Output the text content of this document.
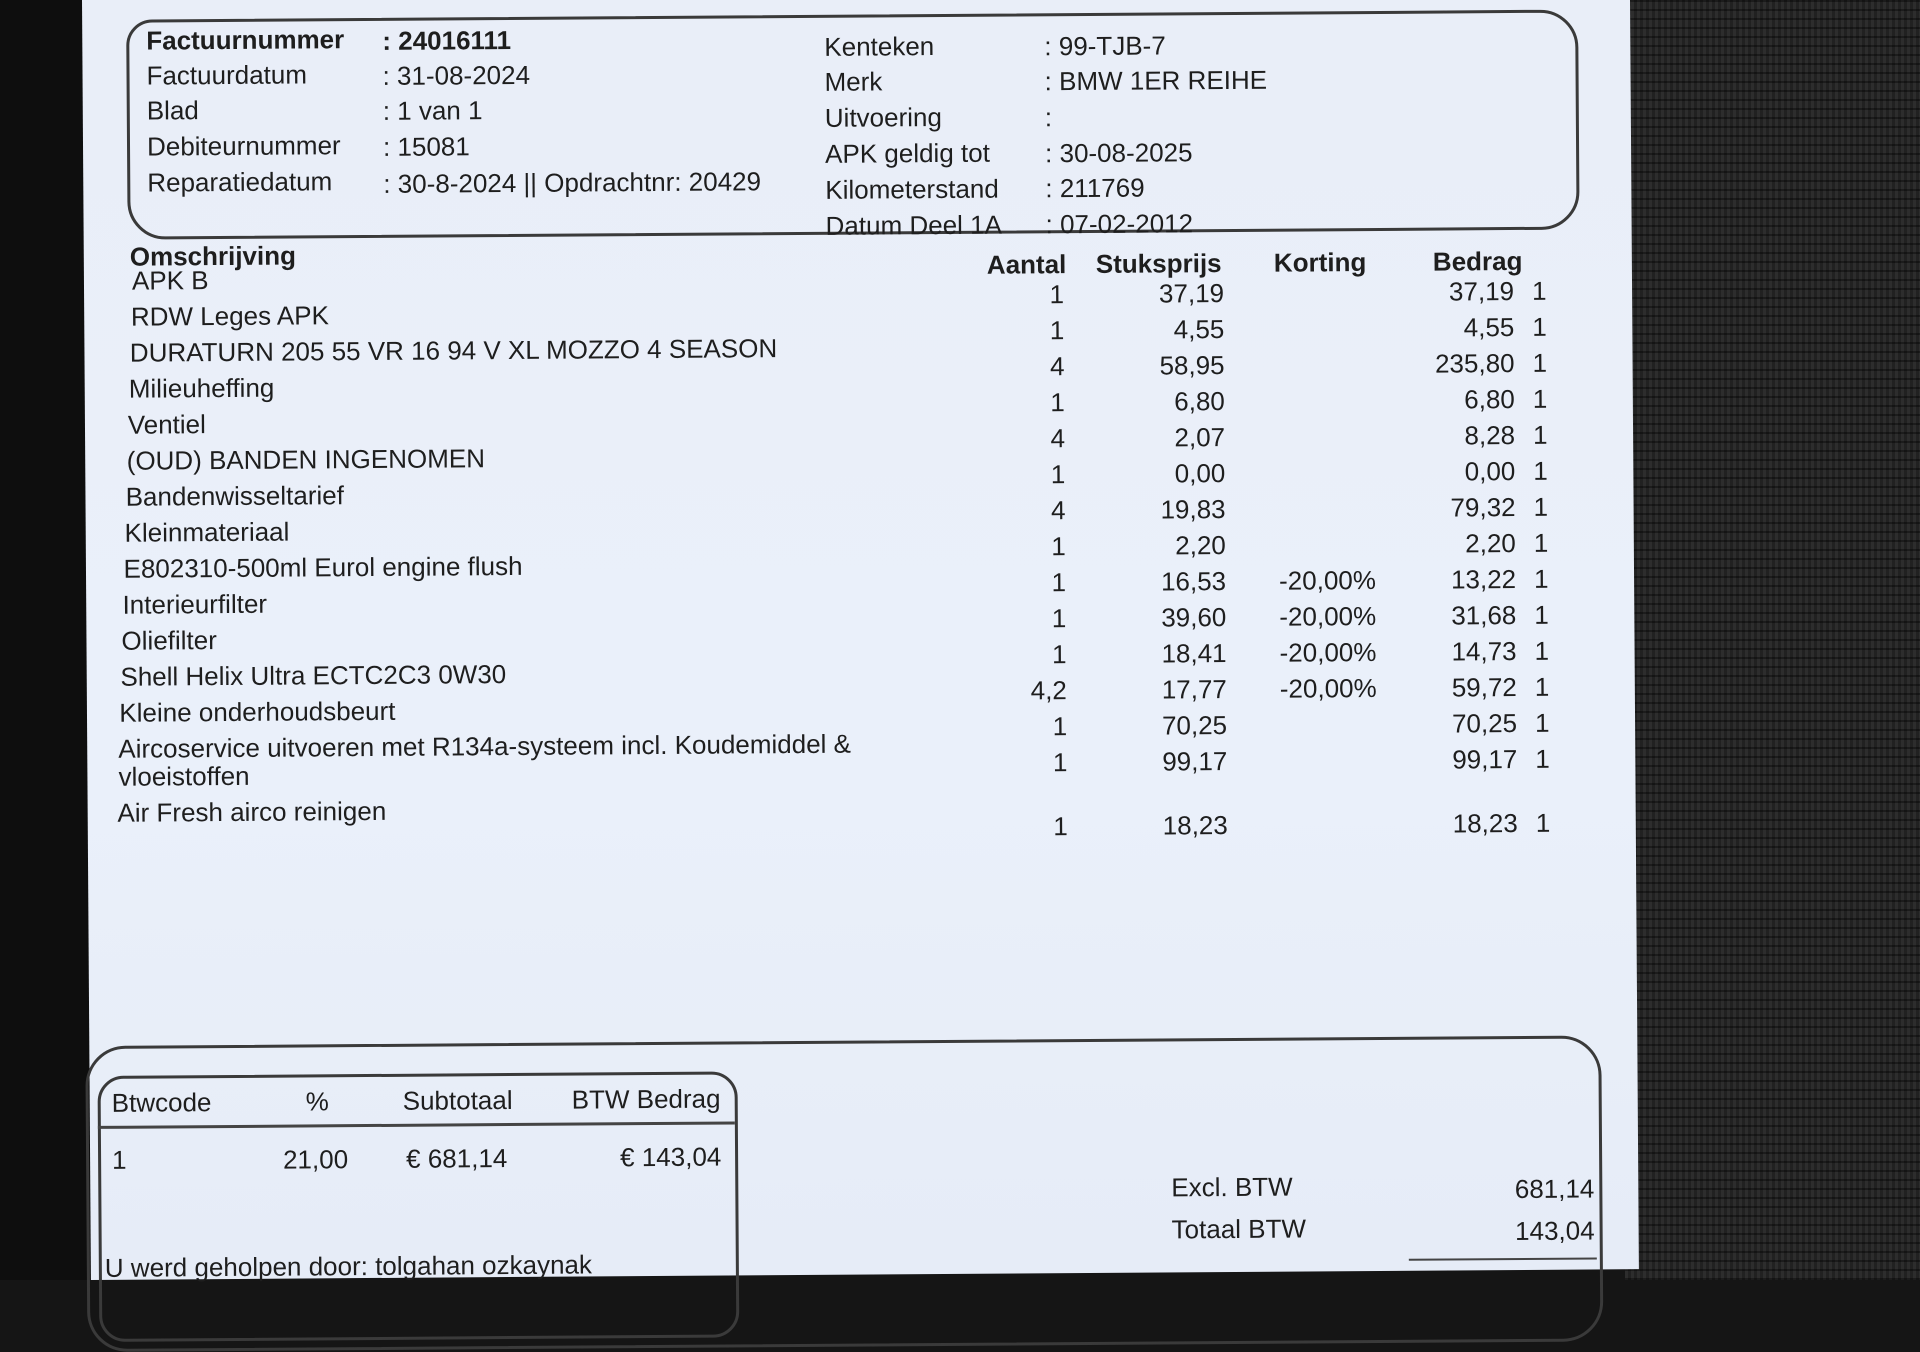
Factuurnummer : 24016111
Factuurdatum	: 31-08-2024
Blad	: 1 van 1
Debiteurnummer : 15081
Reparatiedatum : 30-8-2024 || Opdrachtnr: 20429
Kenteken	: 99-TJB-7
Merk	: BMW 1ER REIHE
Uitvoering	:
APK geldig tot : 30-08-2025
Kilometerstand : 211769
Datum Deel 1A : 07-02-2012
Omschrijving	Aantal Stuksprijs Korting	Bedrag
APK B	1	37,19	37,19 1
RDW Leges APK	1	4,55	4,55 1
DURATURN 205 55 VR 16 94 V XL MOZZO 4 SEASON	4	58,95	235,80 1
Milieuheffing	1	6,80	6,80 1
Ventiel	4	2,07	8,28 1
(OUD) BANDEN INGENOMEN	1	0,00	0,00 1
Bandenwisseltarief	4	19,83	79,32 1
Kleinmateriaal	1	2,20	2,20 1
E802310-500ml Eurol engine flush	1	16,53 -20,00%	13,22 1
Interieurfilter	1	39,60 -20,00%	31,68 1
Oliefilter	1	18,41 -20,00%	14,73 1
Shell Helix Ultra ECTC2C3 0W30	4,2	17,77 -20,00%	59,72 1
Kleine onderhoudsbeurt	1	70,25	70,25 1
Aircoservice uitvoeren met R134a-systeem incl. Koudemiddel &
vloeistoffen	1	99,17	99,17 1
Air Fresh airco reinigen	1	18,23	18,23 1
Btwcode	%	Subtotaal BTW Bedrag
1	21,00 € 681,14	€ 143,04
U werd geholpen door: tolgahan ozkaynak
Excl. BTW	681,14
Totaal BTW	143,04
